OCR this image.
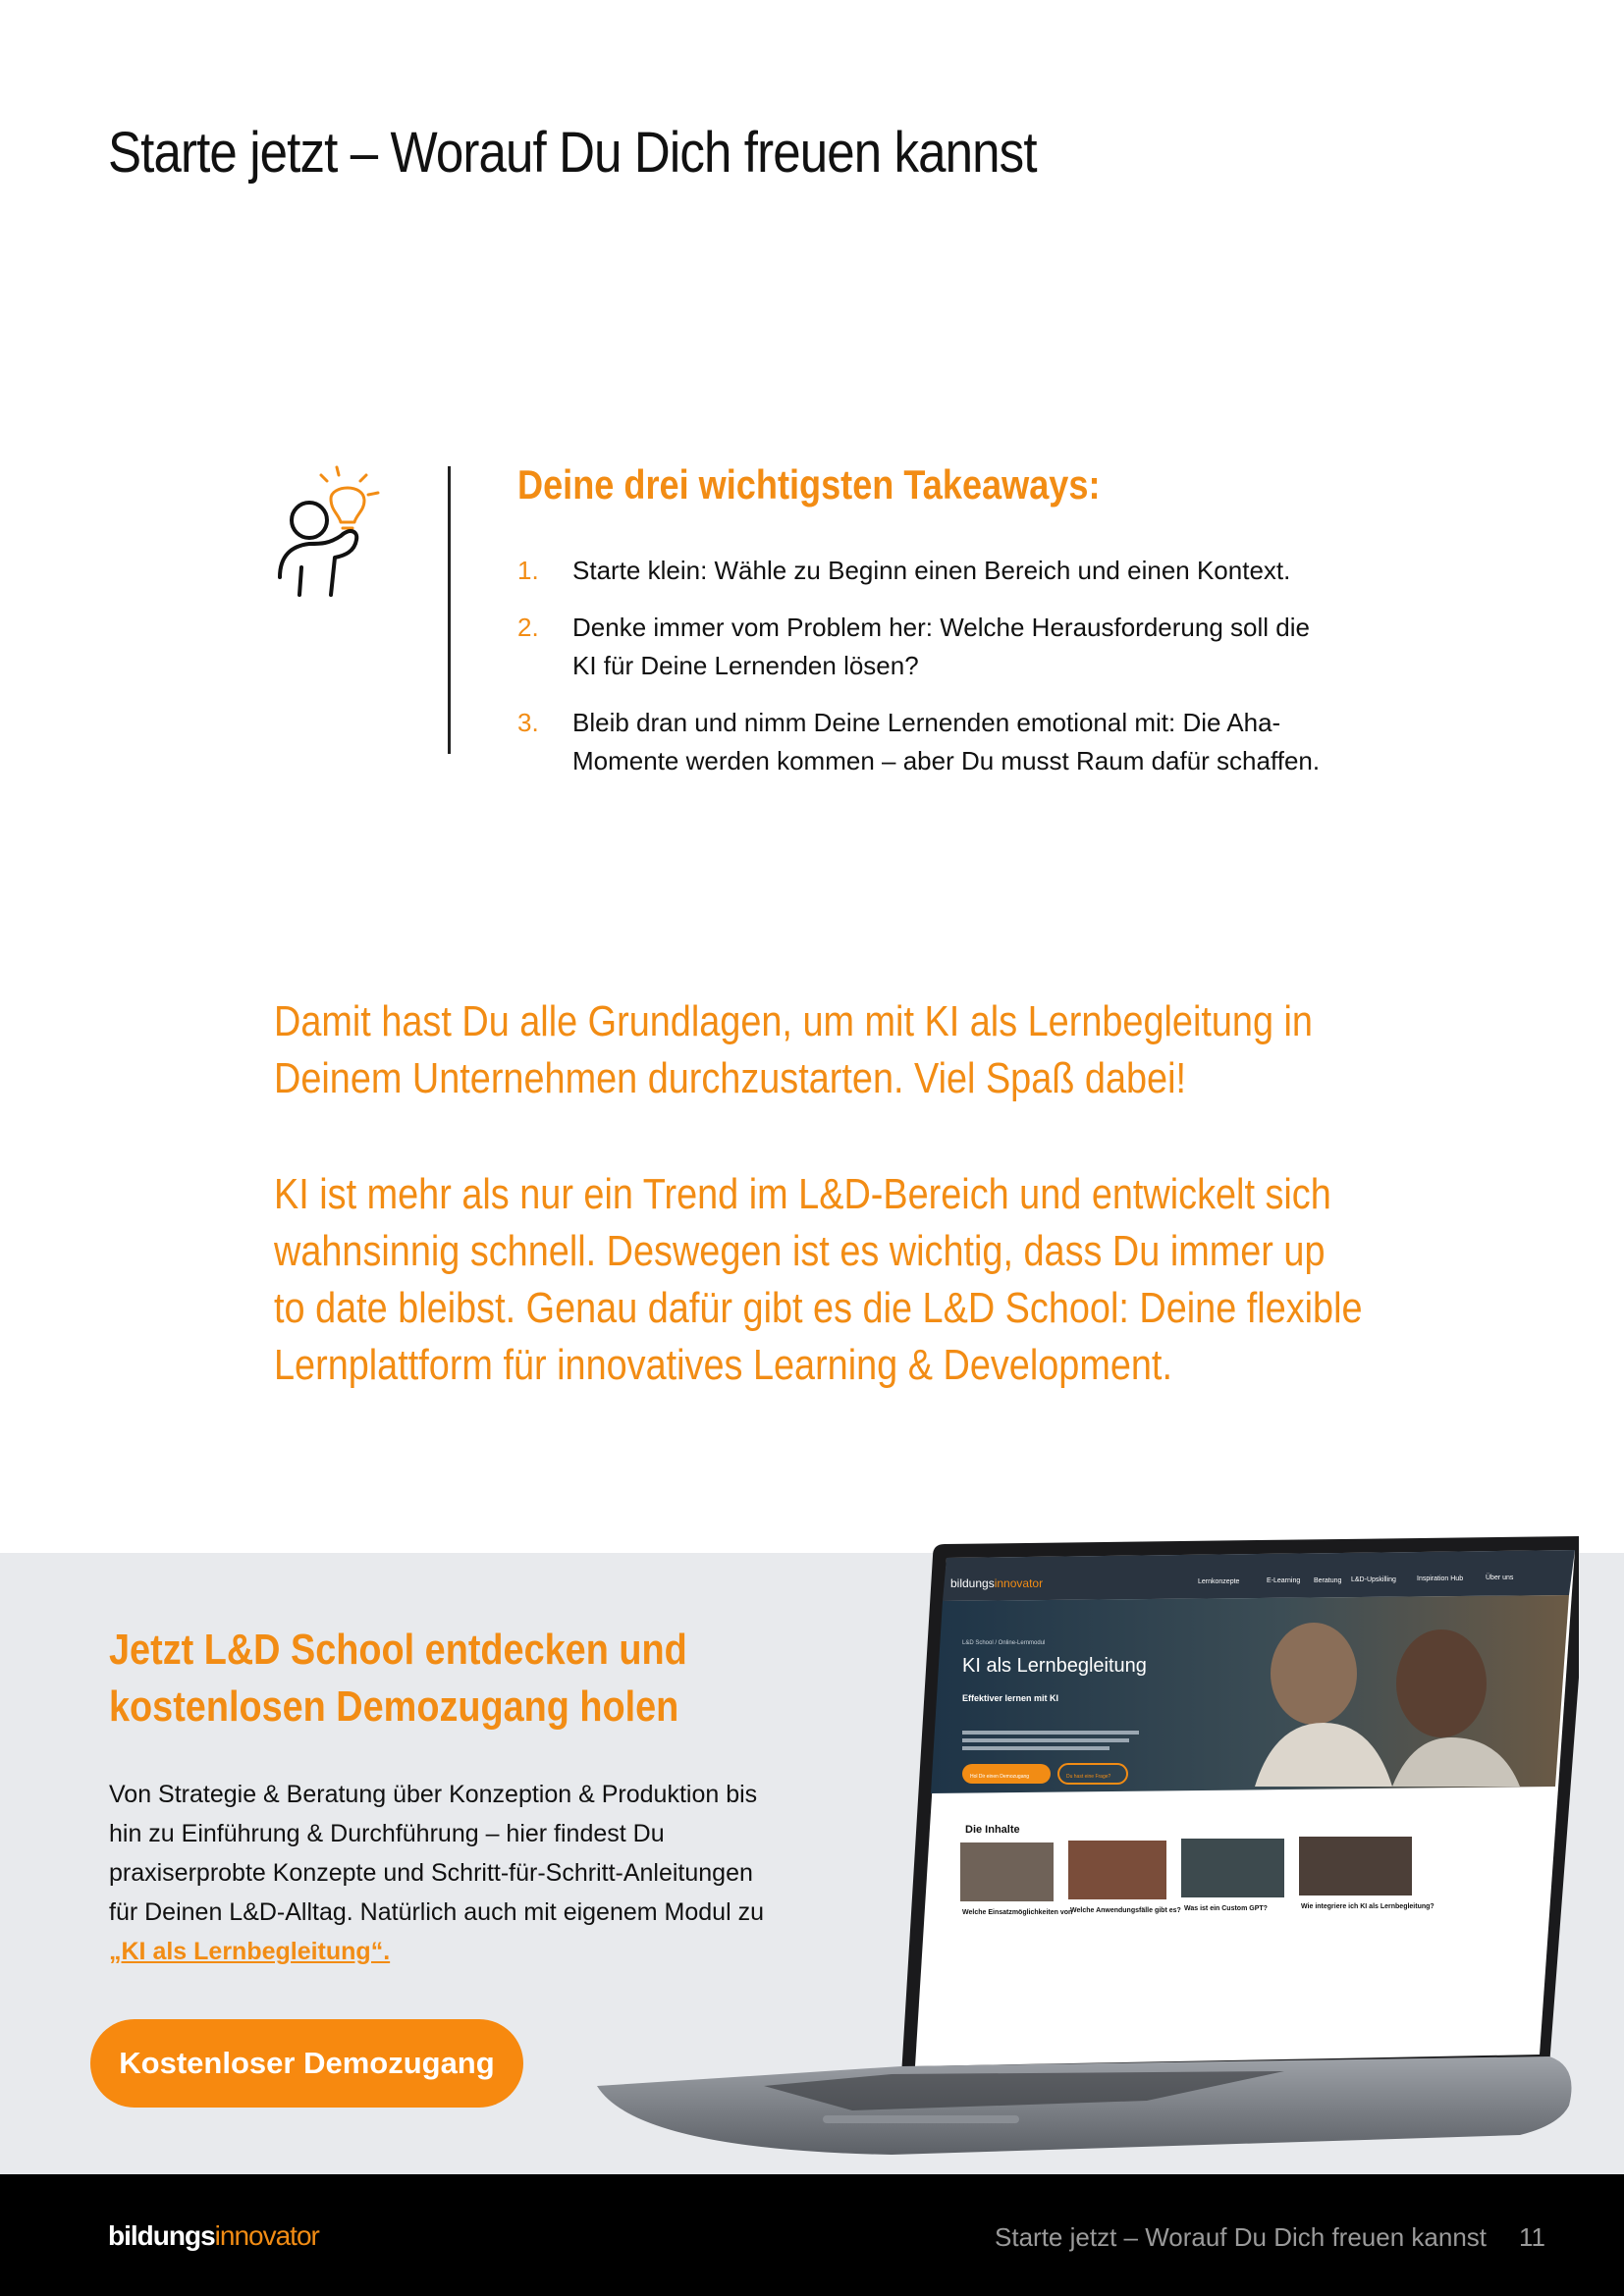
Starte jetzt – Worauf Du Dich freuen kannst
Deine drei wichtigsten Takeaways:
1.	Starte klein: Wähle zu Beginn einen Bereich und einen Kontext.
2.	Denke immer vom Problem her: Welche Herausforderung soll die KI für Deine Lernenden lösen?
3.	Bleib dran und nimm Deine Lernenden emotional mit: Die Aha-Momente werden kommen – aber Du musst Raum dafür schaffen.

Damit hast Du alle Grundlagen, um mit KI als Lernbegleitung in Deinem Unternehmen durchzustarten. Viel Spaß dabei!

KI ist mehr als nur ein Trend im L&D-Bereich und entwickelt sich wahnsinnig schnell. Deswegen ist es wichtig, dass Du immer up to date bleibst. Genau dafür gibt es die L&D School: Deine flexible Lernplattform für innovatives Learning & Development.

Jetzt L&D School entdecken und kostenlosen Demozugang holen

Von Strategie & Beratung über Konzeption & Produktion bis hin zu Einführung & Durchführung – hier findest Du praxiserprobte Konzepte und Schritt-für-Schritt-Anleitungen für Deinen L&D-Alltag. Natürlich auch mit eigenem Modul zu „KI als Lernbegleitung“.

Kostenloser Demozugang
bildungsinnovator	Lernkonzepte	E-Learning Beratung L&D-Upskilling	Inspiration Hub	Über uns
L&D School / Online-Lernmodul
KI als Lernbegleitung
Effektiver lernen mit KI
Hol Dir einen Demozugang	Du hast eine Frage?
Die Inhalte
Welche Einsatzmöglichkeiten von
Welche Anwendungsfälle gibt es? Was ist ein Custom GPT?	Wie integriere ich KI als Lernbegleitung?
bildungsinnovator	Starte jetzt – Worauf Du Dich freuen kannst 11
